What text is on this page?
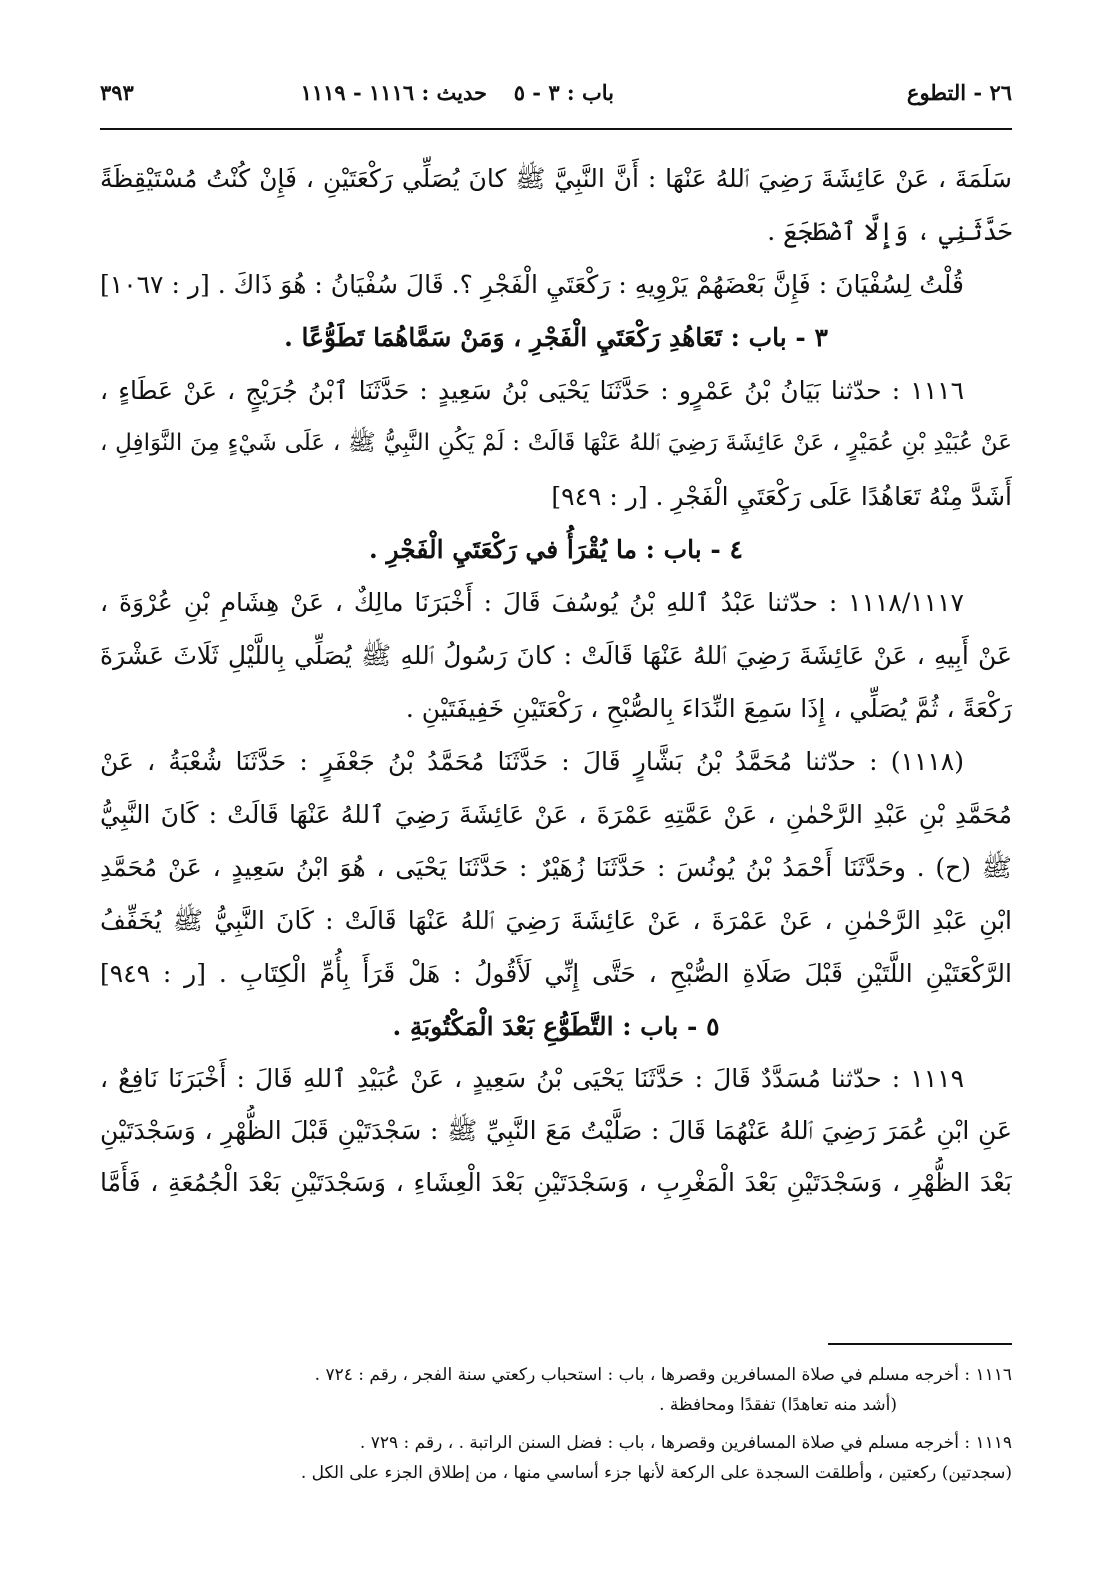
٢٦ - التطوع
باب : ٣ - ٥
حديث : ١١١٦ - ١١١٩
٣٩٣
سَلَمَةَ ، عَنْ عَائِشَةَ رَضِيَ ٱللهُ عَنْهَا : أَنَّ النَّبِيَّ ﷺ كانَ يُصَلِّي رَكْعَتَيْنِ ، فَإِنْ كُنْتُ مُسْتَيْقِظَةً
حَدَّثَنِي ، وَإِلَّا ٱضْطَجَعَ .
قُلْتُ لِسُفْيَانَ : فَإِنَّ بَعْضَهُمْ يَرْوِيهِ : رَكْعَتَيِ الْفَجْرِ ؟. قَالَ سُفْيَانُ : هُوَ ذَاكَ . [ر : ١٠٦٧]
٣ - باب : تَعَاهُدِ رَكْعَتَيِ الْفَجْرِ ، وَمَنْ سَمَّاهُمَا تَطَوُّعًا .
١١١٦ : حدّثنا بَيَانُ بْنُ عَمْرٍو : حَدَّثَنَا يَحْيَى بْنُ سَعِيدٍ : حَدَّثَنَا ٱبْنُ جُرَيْجٍ ، عَنْ عَطَاءٍ ،
عَنْ عُبَيْدِ بْنِ عُمَيْرٍ ، عَنْ عَائِشَةَ رَضِيَ ٱللهُ عَنْهَا قَالَتْ : لَمْ يَكُنِ النَّبِيُّ ﷺ ، عَلَى شَيْءٍ مِنَ النَّوَافِلِ ،
أَشَدَّ مِنْهُ تَعَاهُدًا عَلَى رَكْعَتَيِ الْفَجْرِ . [ر : ٩٤٩]
٤ - باب : ما يُقْرَأُ في رَكْعَتَيِ الْفَجْرِ .
١١١٨/١١١٧ : حدّثنا عَبْدُ ٱللهِ بْنُ يُوسُفَ قَالَ : أَخْبَرَنَا مالِكٌ ، عَنْ هِشَامِ بْنِ عُرْوَةَ ،
عَنْ أَبِيهِ ، عَنْ عَائِشَةَ رَضِيَ ٱللهُ عَنْهَا قَالَتْ : كانَ رَسُولُ ٱللهِ ﷺ يُصَلِّي بِاللَّيْلِ ثَلَاثَ عَشْرَةَ
رَكْعَةً ، ثُمَّ يُصَلِّي ، إِذَا سَمِعَ النِّدَاءَ بِالصُّبْحِ ، رَكْعَتَيْنِ خَفِيفَتَيْنِ .
(١١١٨) : حدّثنا مُحَمَّدُ بْنُ بَشَّارٍ قَالَ : حَدَّثَنَا مُحَمَّدُ بْنُ جَعْفَرٍ : حَدَّثَنَا شُعْبَةُ ، عَنْ
مُحَمَّدِ بْنِ عَبْدِ الرَّحْمٰنِ ، عَنْ عَمَّتِهِ عَمْرَةَ ، عَنْ عَائِشَةَ رَضِيَ ٱللهُ عَنْهَا قَالَتْ : كَانَ النَّبِيُّ
ﷺ (ح) . وحَدَّثَنَا أَحْمَدُ بْنُ يُونُسَ : حَدَّثَنَا زُهَيْرٌ : حَدَّثَنَا يَحْيَى ، هُوَ ابْنُ سَعِيدٍ ، عَنْ مُحَمَّدِ
ابْنِ عَبْدِ الرَّحْمٰنِ ، عَنْ عَمْرَةَ ، عَنْ عَائِشَةَ رَضِيَ ٱللهُ عَنْهَا قَالَتْ : كَانَ النَّبِيُّ ﷺ يُخَفِّفُ
الرَّكْعَتَيْنِ اللَّتَيْنِ قَبْلَ صَلَاةِ الصُّبْحِ ، حَتَّى إِنِّي لَأَقُولُ : هَلْ قَرَأَ بِأُمِّ الْكِتَابِ . [ر : ٩٤٩]
٥ - باب : التَّطَوُّعِ بَعْدَ الْمَكْتُوبَةِ .
١١١٩ : حدّثنا مُسَدَّدٌ قَالَ : حَدَّثَنَا يَحْيَى بْنُ سَعِيدٍ ، عَنْ عُبَيْدِ ٱللهِ قَالَ : أَخْبَرَنَا نَافِعٌ ،
عَنِ ابْنِ عُمَرَ رَضِيَ ٱللهُ عَنْهُمَا قَالَ : صَلَّيْتُ مَعَ النَّبِيِّ ﷺ : سَجْدَتَيْنِ قَبْلَ الظُّهْرِ ، وَسَجْدَتَيْنِ
بَعْدَ الظُّهْرِ ، وَسَجْدَتَيْنِ بَعْدَ الْمَغْرِبِ ، وَسَجْدَتَيْنِ بَعْدَ الْعِشَاءِ ، وَسَجْدَتَيْنِ بَعْدَ الْجُمُعَةِ ، فَأَمَّا
١١١٦ : أخرجه مسلم في صلاة المسافرين وقصرها ، باب : استحباب ركعتي سنة الفجر ، رقم : ٧٢٤ .
(أشد منه تعاهدًا) تفقدًا ومحافظة .
١١١٩ : أخرجه مسلم في صلاة المسافرين وقصرها ، باب : فضل السنن الراتبة . ، رقم : ٧٢٩ .
(سجدتين) ركعتين ، وأطلقت السجدة على الركعة لأنها جزء أساسي منها ، من إطلاق الجزء على الكل .
